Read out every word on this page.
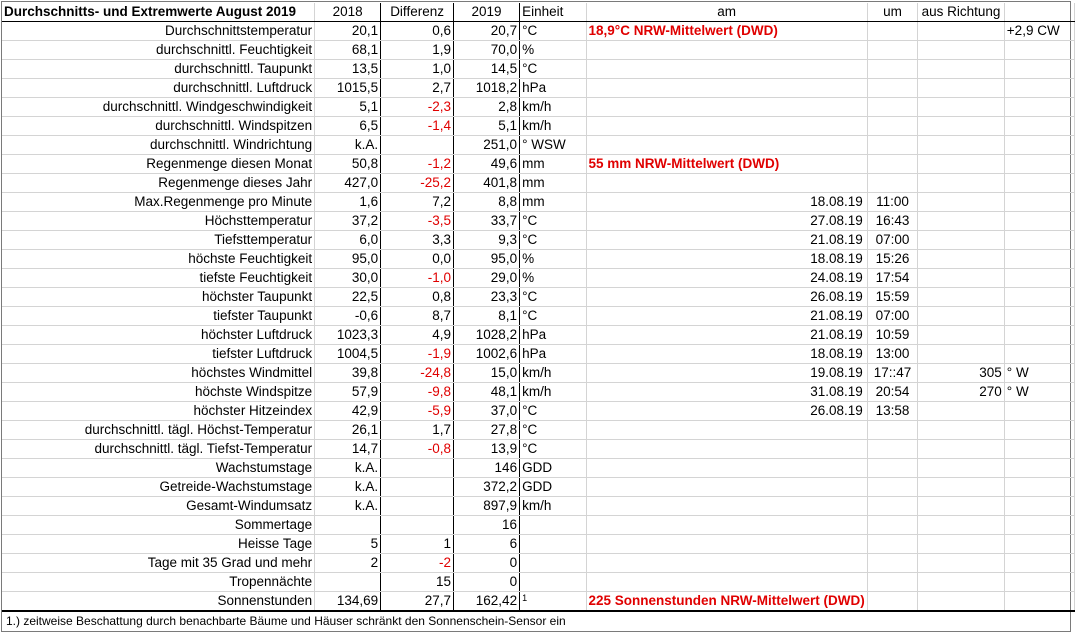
Durchschnitts- und Extremwerte August 2019	2018	Differenz	2019	Einheit	am	um	aus Richtung	
Durchschnittstemperatur	20,1	0,6	20,7	°C	18,9°C NRW-Mittelwert (DWD)			+2,9 CW
durchschnittl. Feuchtigkeit	68,1	1,9	70,0	%				
durchschnittl. Taupunkt	13,5	1,0	14,5	°C				
durchschnittl. Luftdruck	1015,5	2,7	1018,2	hPa				
durchschnittl. Windgeschwindigkeit	5,1	-2,3	2,8	km/h				
durchschnittl. Windspitzen	6,5	-1,4	5,1	km/h				
durchschnittl. Windrichtung	k.A.		251,0	° WSW				
Regenmenge diesen Monat	50,8	-1,2	49,6	mm	55 mm NRW-Mittelwert (DWD)			
Regenmenge dieses Jahr	427,0	-25,2	401,8	mm				
Max.Regenmenge pro Minute	1,6	7,2	8,8	mm	18.08.19	11:00		
Höchsttemperatur	37,2	-3,5	33,7	°C	27.08.19	16:43		
Tiefsttemperatur	6,0	3,3	9,3	°C	21.08.19	07:00		
höchste Feuchtigkeit	95,0	0,0	95,0	%	18.08.19	15:26		
tiefste Feuchtigkeit	30,0	-1,0	29,0	%	24.08.19	17:54		
höchster Taupunkt	22,5	0,8	23,3	°C	26.08.19	15:59		
tiefster Taupunkt	-0,6	8,7	8,1	°C	21.08.19	07:00		
höchster Luftdruck	1023,3	4,9	1028,2	hPa	21.08.19	10:59		
tiefster Luftdruck	1004,5	-1,9	1002,6	hPa	18.08.19	13:00		
höchstes Windmittel	39,8	-24,8	15,0	km/h	19.08.19	17::47	305	° W
höchste Windspitze	57,9	-9,8	48,1	km/h	31.08.19	20:54	270	° W
höchster Hitzeindex	42,9	-5,9	37,0	°C	26.08.19	13:58		
durchschnittl. tägl. Höchst-Temperatur	26,1	1,7	27,8	°C				
durchschnittl. tägl. Tiefst-Temperatur	14,7	-0,8	13,9	°C				
Wachstumstage	k.A.		146	GDD				
Getreide-Wachstumstage	k.A.		372,2	GDD				
Gesamt-Windumsatz	k.A.		897,9	km/h				
Sommertage			16					
Heisse Tage	5	1	6					
Tage mit 35 Grad und mehr	2	-2	0					
Tropennächte		15	0					
Sonnenstunden	134,69	27,7	162,42	1	225 Sonnenstunden NRW-Mittelwert (DWD)			
1.) zeitweise Beschattung durch benachbarte Bäume und Häuser schränkt den Sonnenschein-Sensor ein
